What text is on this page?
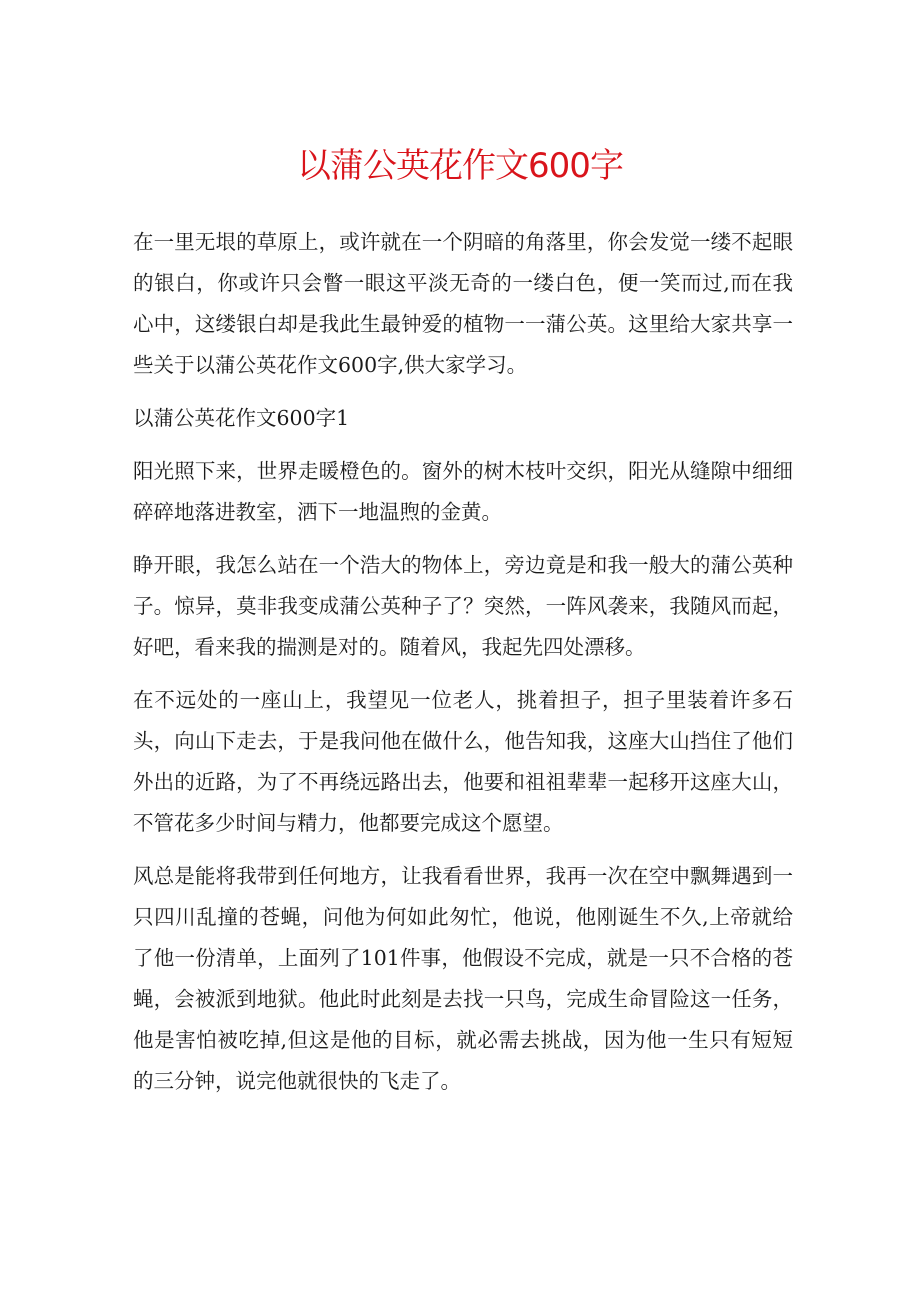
以蒲公英花作文600字

在一里无垠的草原上，或许就在一个阴暗的角落里，你会发觉一缕不起眼的银白，你或许只会瞥一眼这平淡无奇的一缕白色，便一笑而过,而在我心中，这缕银白却是我此生最钟爱的植物一一蒲公英。这里给大家共享一些关于以蒲公英花作文600字,供大家学习。

以蒲公英花作文600字1

阳光照下来，世界走暖橙色的。窗外的树木枝叶交织，阳光从缝隙中细细碎碎地落进教室，洒下一地温煦的金黄。

睁开眼，我怎么站在一个浩大的物体上，旁边竟是和我一般大的蒲公英种子。惊异，莫非我变成蒲公英种子了？突然，一阵风袭来，我随风而起，好吧，看来我的揣测是对的。随着风，我起先四处漂移。

在不远处的一座山上，我望见一位老人，挑着担子，担子里装着许多石头，向山下走去，于是我问他在做什么，他告知我，这座大山挡住了他们外出的近路，为了不再绕远路出去，他要和祖祖辈辈一起移开这座大山，不管花多少时间与精力，他都要完成这个愿望。

风总是能将我带到任何地方，让我看看世界，我再一次在空中飘舞遇到一只四川乱撞的苍蝇，问他为何如此匆忙，他说，他刚诞生不久,上帝就给了他一份清单，上面列了101件事，他假设不完成，就是一只不合格的苍蝇，会被派到地狱。他此时此刻是去找一只鸟，完成生命冒险这一任务，他是害怕被吃掉,但这是他的目标，就必需去挑战，因为他一生只有短短的三分钟，说完他就很快的飞走了。
